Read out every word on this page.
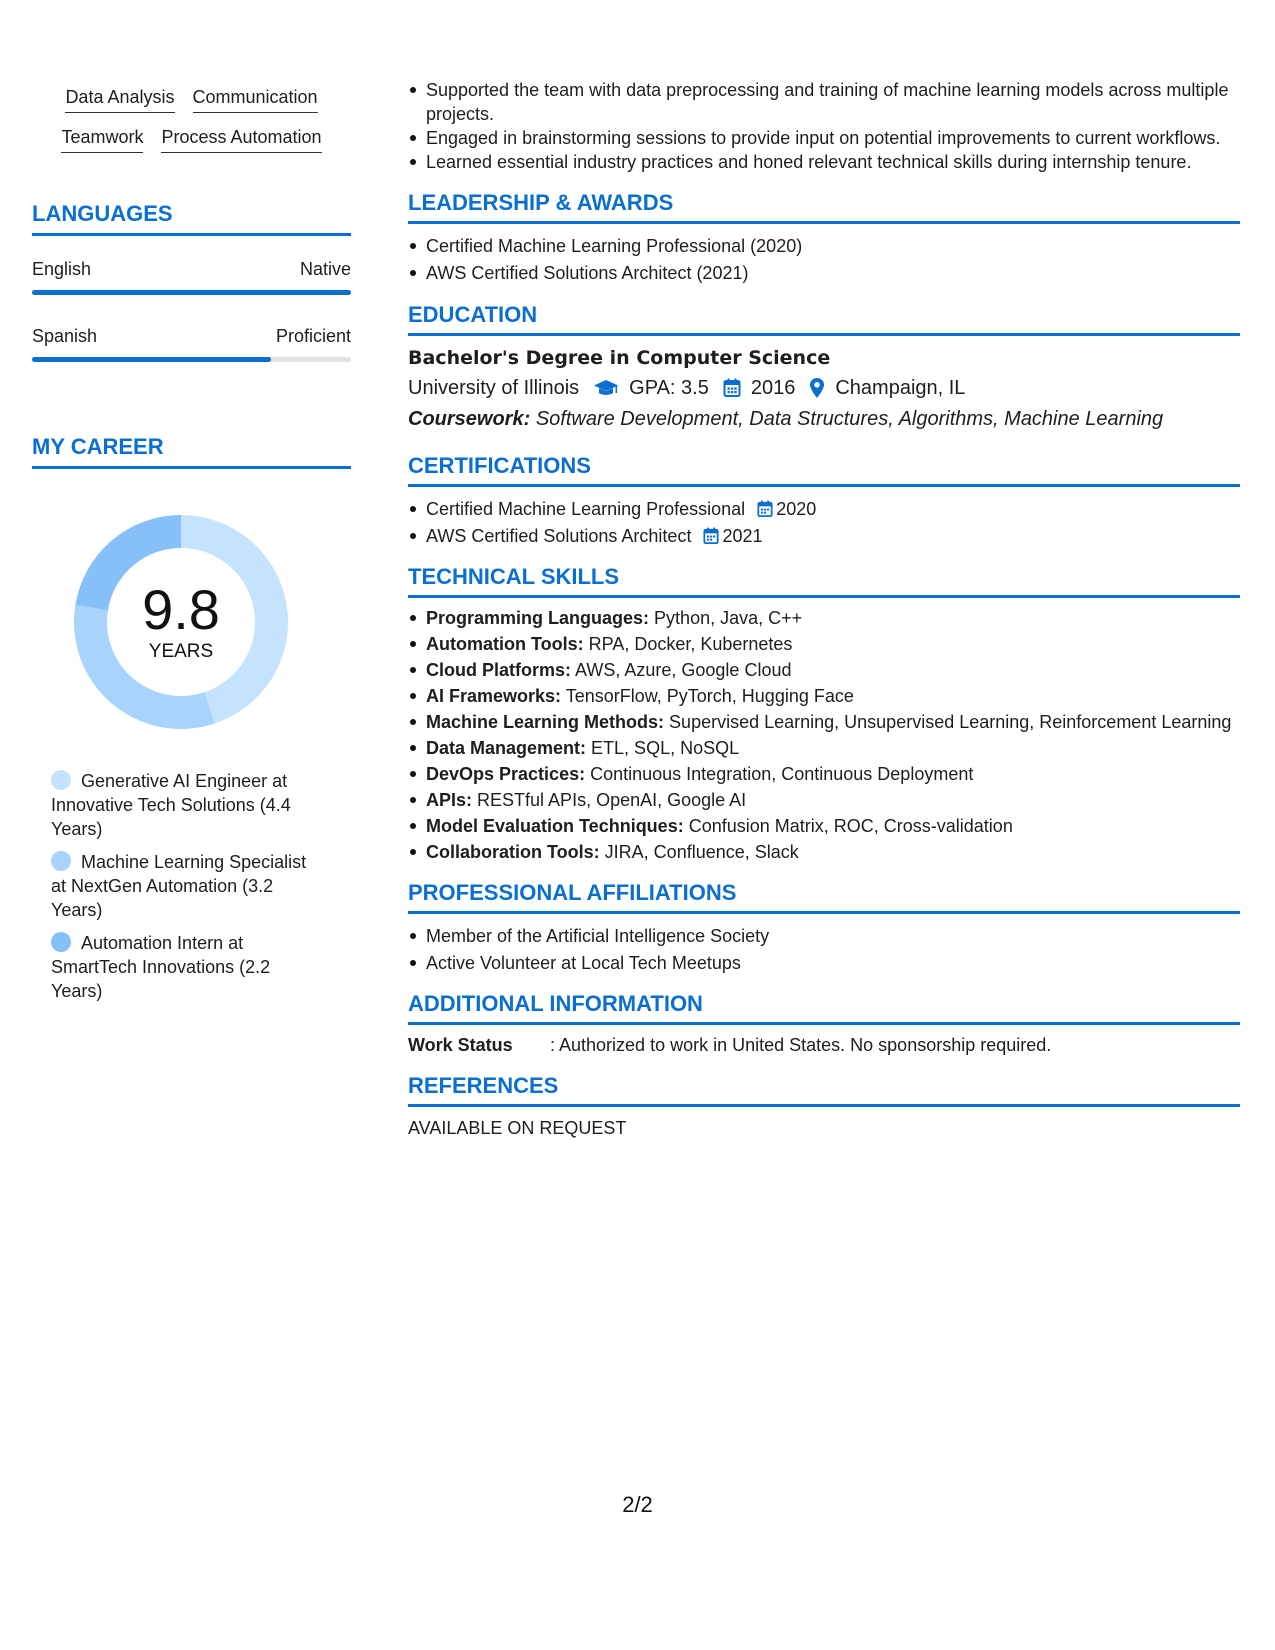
Data Analysis Communication
Teamwork Process Automation
LANGUAGES
English	Native
Spanish	Proficient
MY CAREER
9.8
YEARS
Generative AI Engineer at Innovative Tech Solutions (4.4 Years)
Machine Learning Specialist at NextGen Automation (3.2 Years)
Automation Intern at SmartTech Innovations (2.2 Years)
Supported the team with data preprocessing and training of machine learning models across multiple projects.
Engaged in brainstorming sessions to provide input on potential improvements to current workflows.
Learned essential industry practices and honed relevant technical skills during internship tenure.
LEADERSHIP & AWARDS
Certified Machine Learning Professional (2020)
AWS Certified Solutions Architect (2021)
EDUCATION
Bachelor's Degree in Computer Science
University of Illinois	GPA: 3.5 2016 Champaign, IL
Coursework: Software Development, Data Structures, Algorithms, Machine Learning
CERTIFICATIONS
Certified Machine Learning Professional 2020
AWS Certified Solutions Architect 2021
TECHNICAL SKILLS
Programming Languages: Python, Java, C++
Automation Tools: RPA, Docker, Kubernetes
Cloud Platforms: AWS, Azure, Google Cloud
AI Frameworks: TensorFlow, PyTorch, Hugging Face
Machine Learning Methods: Supervised Learning, Unsupervised Learning, Reinforcement Learning
Data Management: ETL, SQL, NoSQL
DevOps Practices: Continuous Integration, Continuous Deployment
APIs: RESTful APIs, OpenAI, Google AI
Model Evaluation Techniques: Confusion Matrix, ROC, Cross-validation
Collaboration Tools: JIRA, Confluence, Slack
PROFESSIONAL AFFILIATIONS
Member of the Artificial Intelligence Society
Active Volunteer at Local Tech Meetups
ADDITIONAL INFORMATION
Work Status	: Authorized to work in United States. No sponsorship required.
REFERENCES
AVAILABLE ON REQUEST
2/2
